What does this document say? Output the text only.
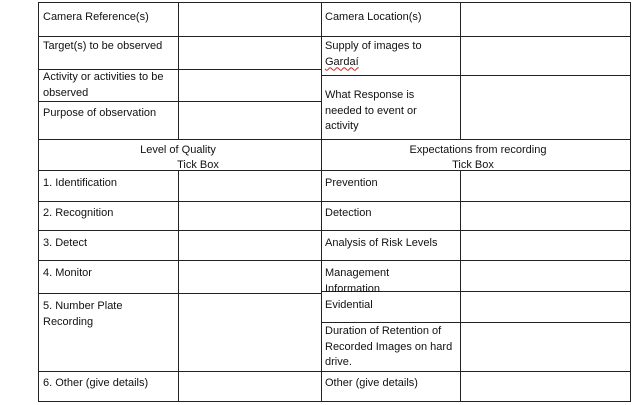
Camera Reference(s)	Camera Location(s)
Target(s) to be observed	Supply of images to Gardaí
Activity or activities to be observed
Purpose of observation
What Response is needed to event or activity
Level of Quality
Tick Box
Expectations from recording
Tick Box
1. Identification
2. Recognition
3. Detect
4. Monitor
5. Number Plate Recording
6. Other (give details)
Prevention
Detection
Analysis of Risk Levels
Management Information
Evidential
Duration of Retention of Recorded Images on hard drive.
Other (give details)
